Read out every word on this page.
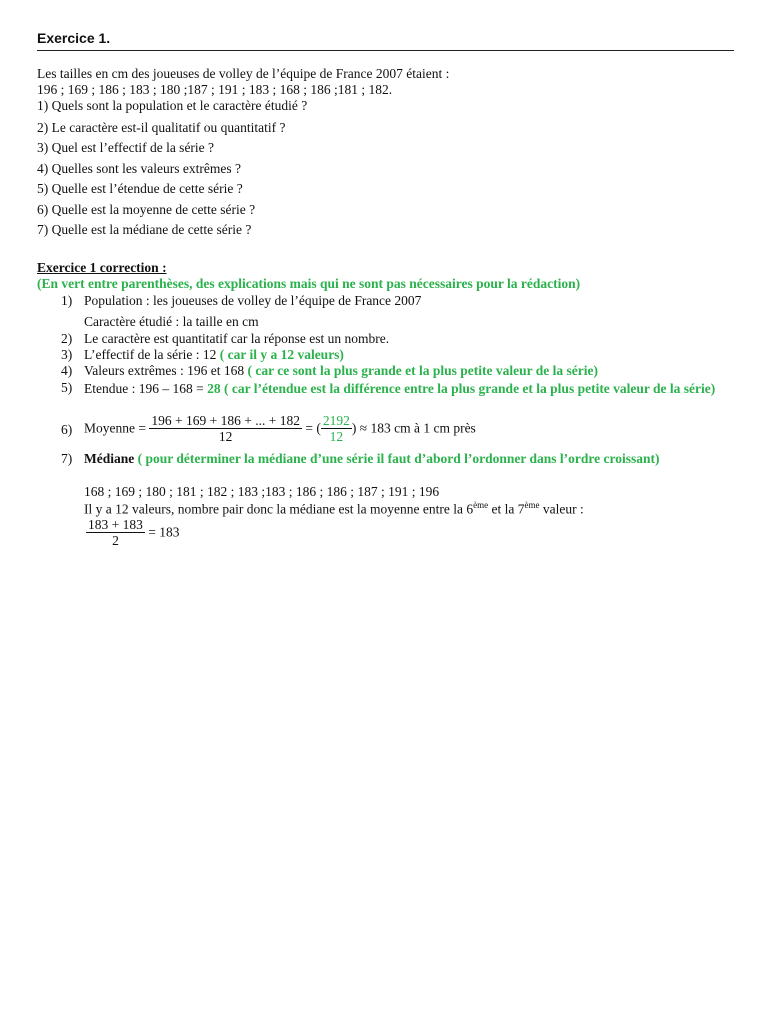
Exercice 1.
Les tailles en cm des joueuses de volley de l’équipe de France 2007 étaient :
196 ; 169 ; 186 ; 183 ; 180 ;187 ; 191 ; 183 ; 168 ; 186 ;181 ; 182.
1) Quels sont la population et le caractère étudié ?
2) Le caractère est-il qualitatif ou quantitatif ?
3) Quel est l’effectif de la série ?
4) Quelles sont les valeurs extrêmes ?
5) Quelle est l’étendue de cette série ?
6) Quelle est la moyenne de cette série ?
7) Quelle est la médiane de cette série ?
Exercice 1 correction :
(En vert entre parenthèses, des explications mais qui ne sont pas nécessaires pour la rédaction)
1) Population : les joueuses de volley de l’équipe de France 2007
Caractère étudié : la taille en cm
2) Le caractère est quantitatif car la réponse est un nombre.
3) L’effectif de la série : 12 ( car il y a 12 valeurs)
4) Valeurs extrêmes : 196 et 168 ( car ce sont la plus grande et la plus petite valeur de la série)
5) Etendue : 196 – 168 = 28 ( car l’étendue est la différence entre la plus grande et la plus petite valeur de la série)
6) Moyenne = $\frac{196 + 169 + 186 + ... + 182}{12}$ = ( $\frac{2192}{12}$ ) ≈ 183 cm à 1 cm près
7) Médiane ( pour déterminer la médiane d’une série il faut d’abord l’ordonner dans l’ordre croissant)
168 ; 169 ; 180 ; 181 ; 182 ; 183 ;183 ; 186 ; 186 ; 187 ; 191 ; 196
Il y a 12 valeurs, nombre pair donc la médiane est la moyenne entre la 6ème et la 7ème valeur :
$\frac{183 + 183}{2} = 183$
